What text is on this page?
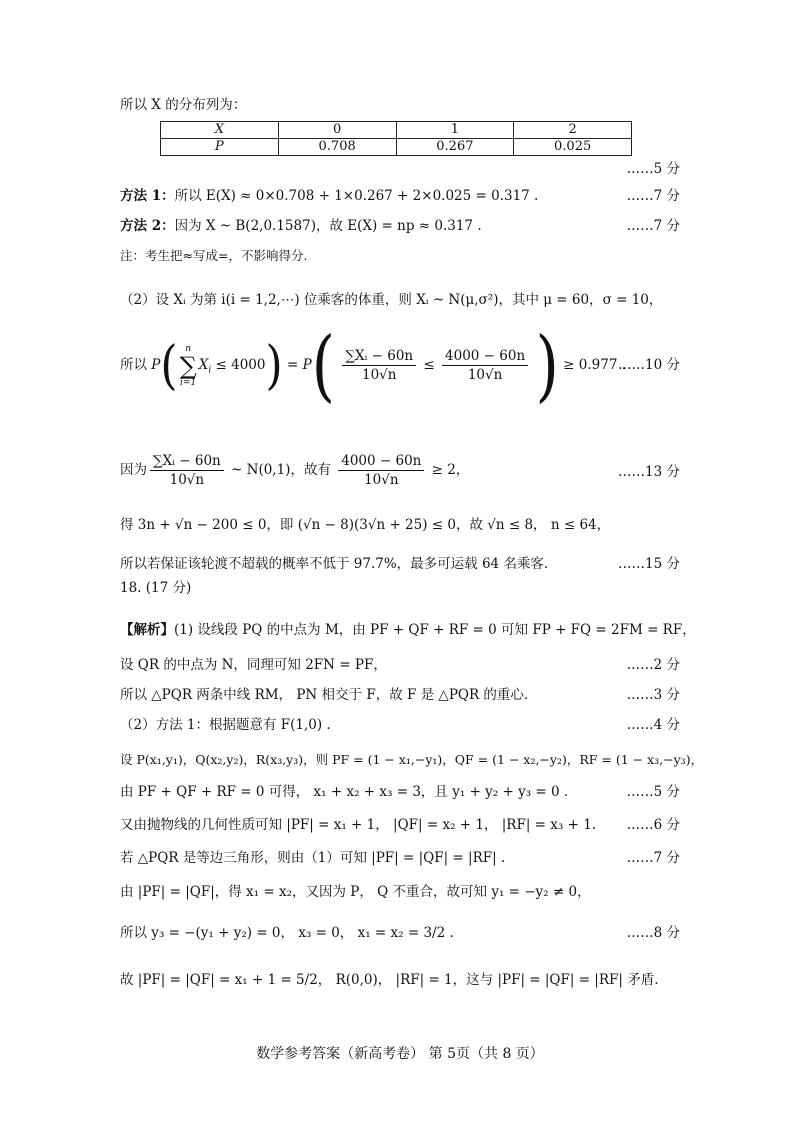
所以 X 的分布列为：
X	0	1	2
P	0.708	0.267	0.025
……5 分
方法 1：所以 E(X) ≈ 0×0.708 + 1×0.267 + 2×0.025 = 0.317 .	……7 分
方法 2：因为 X ~ B(2,0.1587)，故 E(X) = np ≈ 0.317 .	……7 分
注：考生把≈写成=，不影响得分.
（2）设 Xᵢ 为第 i(i = 1,2,⋯) 位乘客的体重，则 Xᵢ ~ N(μ,σ²)，其中 μ = 60，σ = 10，
所以 P( n
∑
i=1
$X_i \le 4000) = P( \frac{\text{∑Xᵢ − 60n}}{10√n} \le \frac{4000 - 60n}{10√n}$ ) ≥ 0.977 .
……10 分
因为 $\frac{\text{∑Xᵢ − 60n}}{10√n}$ ~ N(0,1)，故有 $\frac{4000 - 60n}{10√n} \ge 2$，	……13 分
得 3n + √n − 200 ≤ 0，即 (√n − 8)(3√n + 25) ≤ 0，故 √n ≤ 8， n ≤ 64，
所以若保证该轮渡不超载的概率不低于 97.7%，最多可运载 64 名乘客.	……15 分
18. (17 分)
【解析】(1) 设线段 PQ 的中点为 M，由 PF + QF + RF = 0 可知 FP + FQ = 2FM = RF，
设 QR 的中点为 N，同理可知 2FN = PF，	……2 分
所以 △PQR 两条中线 RM， PN 相交于 F，故 F 是 △PQR 的重心.	……3 分
（2）方法 1：根据题意有 F(1,0) .	……4 分
设 P(x₁,y₁)，Q(x₂,y₂)，R(x₃,y₃)，则 PF = (1 − x₁,−y₁)，QF = (1 − x₂,−y₂)，RF = (1 − x₃,−y₃)，
由 PF + QF + RF = 0 可得， x₁ + x₂ + x₃ = 3，且 y₁ + y₂ + y₃ = 0 .	……5 分
又由抛物线的几何性质可知 |PF| = x₁ + 1， |QF| = x₂ + 1， |RF| = x₃ + 1. ……6 分
若 △PQR 是等边三角形，则由（1）可知 |PF| = |QF| = |RF| .	……7 分
由 |PF| = |QF|，得 x₁ = x₂，又因为 P， Q 不重合，故可知 y₁ = −y₂ ≠ 0，
所以 y₃ = −(y₁ + y₂) = 0， x₃ = 0， x₁ = x₂ = 3/2 .	……8 分
故 |PF| = |QF| = x₁ + 1 = 5/2， R(0,0)， |RF| = 1，这与 |PF| = |QF| = |RF| 矛盾.
数学参考答案（新高考卷） 第 5页（共 8 页）
